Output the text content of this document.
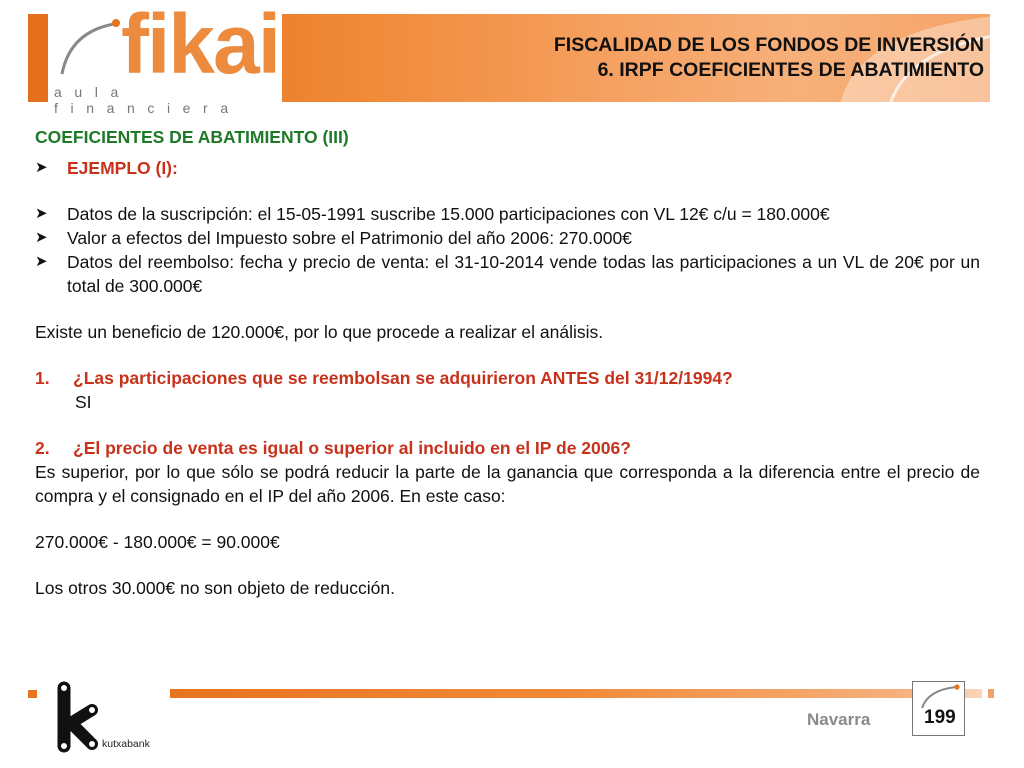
fikai
aula financiera
FISCALIDAD DE LOS FONDOS DE INVERSIÓN
6. IRPF COEFICIENTES DE ABATIMIENTO
COEFICIENTES DE ABATIMIENTO (III)
➤	EJEMPLO (I):
➤	Datos de la suscripción: el 15-05-1991 suscribe 15.000 participaciones con VL 12€ c/u = 180.000€
➤	Valor a efectos del Impuesto sobre el Patrimonio del año 2006: 270.000€
➤	Datos del reembolso: fecha y precio de venta: el 31-10-2014 vende todas las participaciones a un VL de 20€ por un total de 300.000€
Existe un beneficio de 120.000€, por lo que procede a realizar el análisis.
1.	¿Las participaciones que se reembolsan se adquirieron ANTES del 31/12/1994?
SI
2.	¿El precio de venta es igual o superior al incluido en el IP de 2006?
Es superior, por lo que sólo se podrá reducir la parte de la ganancia que corresponda a la diferencia entre el precio de compra y el consignado en el IP del año 2006. En este caso:
270.000€ - 180.000€ = 90.000€
Los otros 30.000€ no son objeto de reducción.
kutxabank
Navarra	199
